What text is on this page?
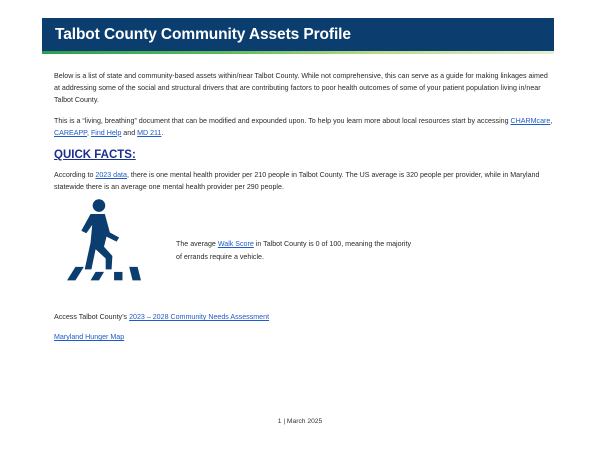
Talbot County Community Assets Profile

Below is a list of state and community-based assets within/near Talbot County. While not comprehensive, this can serve as a guide for making linkages aimed at addressing some of the social and structural drivers that are contributing factors to poor health outcomes of some of your patient population living in/near Talbot County.

This is a “living, breathing” document that can be modified and expounded upon. To help you learn more about local resources start by accessing CHARMcare, CAREAPP, Find Help and MD 211.

QUICK FACTS:

According to 2023 data, there is one mental health provider per 210 people in Talbot County. The US average is 320 people per provider, while in Maryland statewide there is an average one mental health provider per 290 people.

The average Walk Score in Talbot County is 0 of 100, meaning the majority of errands require a vehicle.

Access Talbot County’s 2023 – 2028 Community Needs Assessment

Maryland Hunger Map

1 | March 2025
